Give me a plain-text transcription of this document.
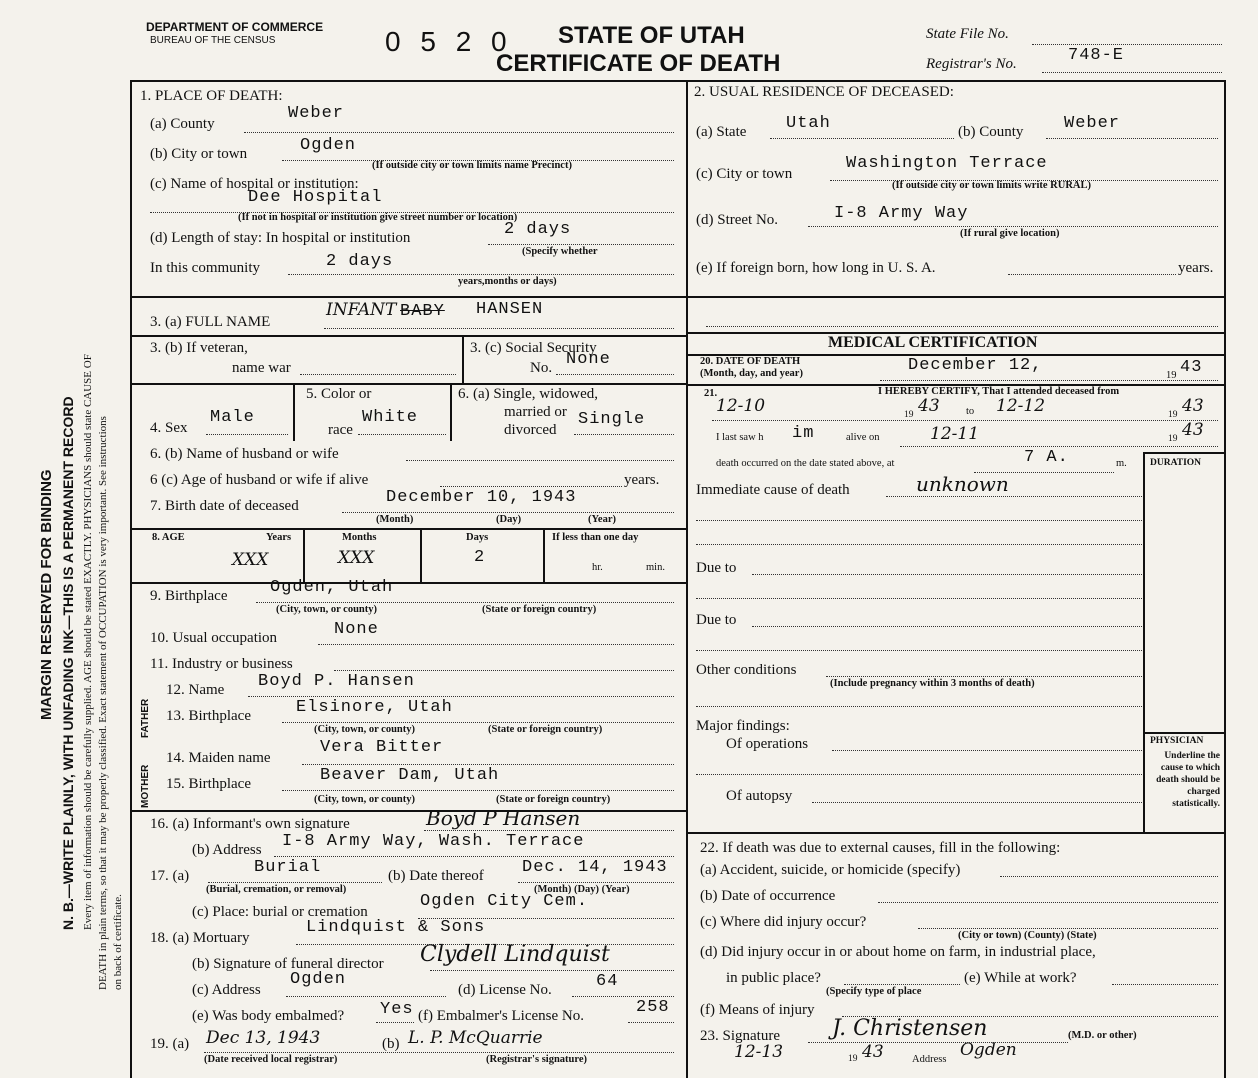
MARGIN RESERVED FOR BINDING N. B.—WRITE PLAINLY, WITH UNFADING INK—THIS IS A PERMANENT RECORD Every item of information should be carefully supplied. AGE should be stated EXACTLY. PHYSICIANS should state CAUSE OF DEATH in plain terms, so that it may be properly classified. Exact statement of OCCUPATION is very important. See instructions on back of certificate.
DEPARTMENT OF COMMERCE
BUREAU OF THE CENSUS	0 5 2 0 STATE OF UTAH
CERTIFICATE OF DEATH
State File No.
Registrar's No.	748-E
1. PLACE OF DEATH:
(a) County
Weber
(b) City or town	Ogden
(If outside city or town limits name Precinct)
(c) Name of hospital or institution:
Dee Hospital
(If not in hospital or institution give street number or location)
(d) Length of stay: In hospital or institution	2 days
(Specify whether
In this community	2 days
years,months or days)
2. USUAL RESIDENCE OF DECEASED:
(a) State Utah	(b) County Weber
(c) City or town
Washington Terrace
(If outside city or town limits write RURAL)
(d) Street No.	I-8 Army Way
(If rural give location)
(e) If foreign born, how long in U. S. A.	years.
3. (a) FULL NAME
INFANT BABY HANSEN
3. (b) If veteran,
name war
3. (c) Social Security
No. None
4. Sex
Male
5. Color or
race
White
6. (a) Single, widowed,
married or
divorced
Single
6. (b) Name of husband or wife
6 (c) Age of husband or wife if alive	years.
7. Birth date of deceased	December 10, 1943
(Month)	(Day)	(Year)
8. AGE	Years	Months	Days	If less than one day
XXX	XXX	2
hr.	min.
9. Birthplace	Ogden, Utah
(City, town, or county)	(State or foreign country)
10. Usual occupation	None
11. Industry or business
FATHER
MOTHER
12. Name Boyd P. Hansen
13. Birthplace	Elsinore, Utah
(City, town, or county)	(State or foreign country)
14. Maiden name
Vera Bitter
15. Birthplace	Beaver Dam, Utah
(City, town, or county)	(State or foreign country)
16. (a) Informant's own signature	Boyd P Hansen
(b) Address I-8 Army Way, Wash. Terrace
17. (a)	Burial
(Burial, cremation, or removal)
(b) Date thereof Dec. 14, 1943
(Month) (Day) (Year)
(c) Place: burial or cremation
Ogden City Cem.
18. (a) Mortuary
Lindquist & Sons
(b) Signature of funeral director Clydell Lindquist
(c) Address
Ogden
(d) License No.	64
(e) Was body embalmed? Yes (f) Embalmer's License No.	258
19. (a) Dec 13, 1943	(b) L. P. McQuarrie
(Date received local registrar)	(Registrar's signature)
MEDICAL CERTIFICATION
20. DATE OF DEATH
(Month, day, and year)	December 12,
19 43
21.	I HEREBY CERTIFY, That I attended deceased from
12-10	19 43	to 12-12	19 43
I last saw h im	alive on	12-11	19 43
death occurred on the date stated above, at	7 A.	m. DURATION
Immediate cause of death	unknown
Due to
Due to
Other conditions
(Include pregnancy within 3 months of death)
Major findings:
Of operations
Of autopsy
PHYSICIAN
Underline the cause to which death should be charged statistically.
22. If death was due to external causes, fill in the following:
(a) Accident, suicide, or homicide (specify)
(b) Date of occurrence
(c) Where did injury occur?
(City or town) (County) (State)
(d) Did injury occur in or about home on farm, in industrial place,
in public place?
(Specify type of place
(e) While at work?
(f) Means of injury
23. Signature J. Christensen	(M.D. or other)
12-13	19 43	Address Ogden
